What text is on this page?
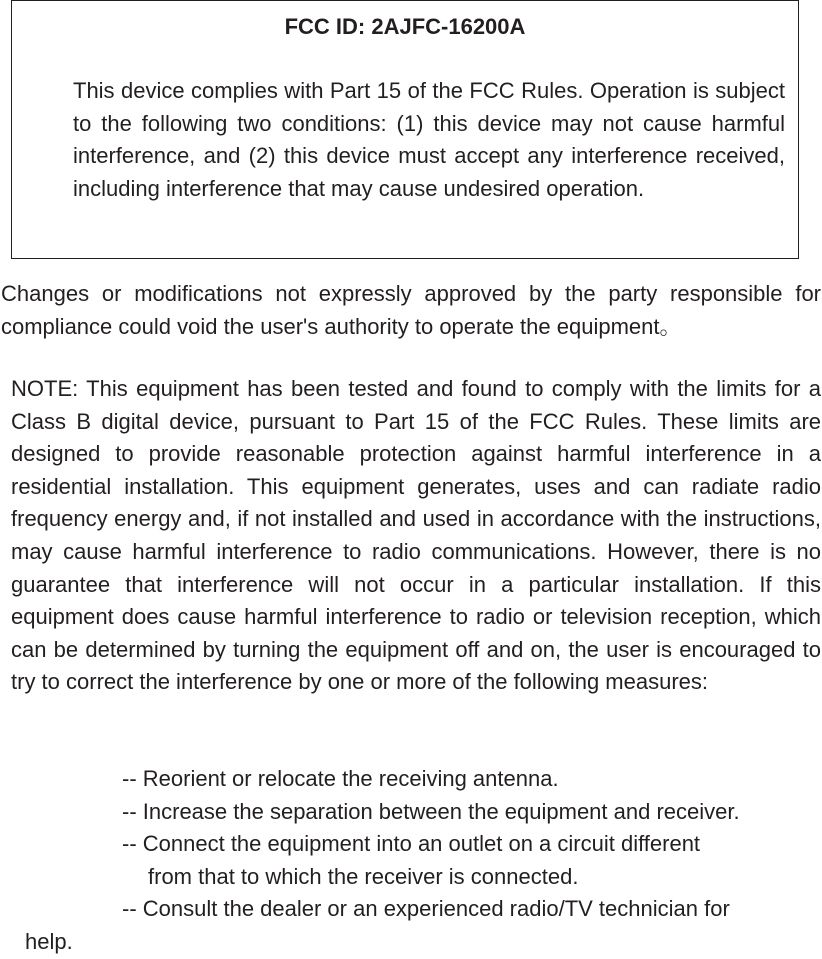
FCC ID: 2AJFC-16200A

This device complies with Part 15 of the FCC Rules. Operation is subject to the following two conditions: (1) this device may not cause harmful interference, and (2) this device must accept any interference received, including interference that may cause undesired operation.

Changes or modifications not expressly approved by the party responsible for compliance could void the user's authority to operate the equipment。

NOTE: This equipment has been tested and found to comply with the limits for a Class B digital device, pursuant to Part 15 of the FCC Rules. These limits are designed to provide reasonable protection against harmful interference in a residential installation. This equipment generates, uses and can radiate radio frequency energy and, if not installed and used in accordance with the instructions, may cause harmful interference to radio communications. However, there is no guarantee that interference will not occur in a particular installation. If this equipment does cause harmful interference to radio or television reception, which can be determined by turning the equipment off and on, the user is encouraged to try to correct the interference by one or more of the following measures:

-- Reorient or relocate the receiving antenna.
-- Increase the separation between the equipment and receiver.
-- Connect the equipment into an outlet on a circuit different
from that to which the receiver is connected.
-- Consult the dealer or an experienced radio/TV technician for
help.
